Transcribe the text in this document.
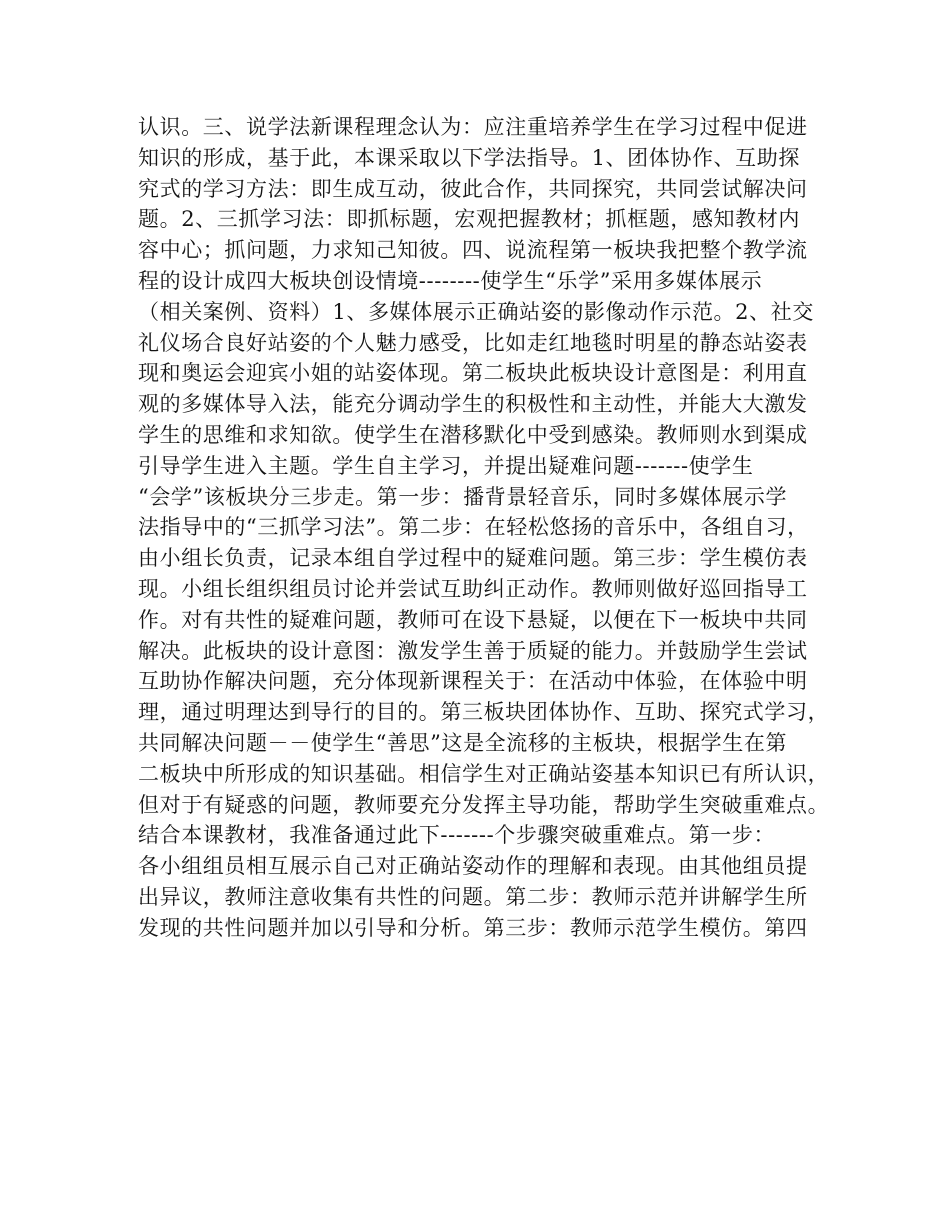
认识。三、说学法新课程理念认为：应注重培养学生在学习过程中促进
知识的形成，基于此，本课采取以下学法指导。1、团体协作、互助探
究式的学习方法：即生成互动，彼此合作，共同探究，共同尝试解决问
题。2、三抓学习法：即抓标题，宏观把握教材；抓框题，感知教材内
容中心；抓问题，力求知己知彼。四、说流程第一板块我把整个教学流
程的设计成四大板块创设情境--------使学生“乐学”采用多媒体展示
（相关案例、资料）1、多媒体展示正确站姿的影像动作示范。2、社交
礼仪场合良好站姿的个人魅力感受，比如走红地毯时明星的静态站姿表
现和奥运会迎宾小姐的站姿体现。第二板块此板块设计意图是：利用直
观的多媒体导入法，能充分调动学生的积极性和主动性，并能大大激发
学生的思维和求知欲。使学生在潜移默化中受到感染。教师则水到渠成
引导学生进入主题。学生自主学习，并提出疑难问题-------使学生
“会学”该板块分三步走。第一步：播背景轻音乐，同时多媒体展示学
法指导中的“三抓学习法”。第二步：在轻松悠扬的音乐中，各组自习，
由小组长负责，记录本组自学过程中的疑难问题。第三步：学生模仿表
现。小组长组织组员讨论并尝试互助纠正动作。教师则做好巡回指导工
作。对有共性的疑难问题，教师可在设下悬疑，以便在下一板块中共同
解决。此板块的设计意图：激发学生善于质疑的能力。并鼓励学生尝试
互助协作解决问题，充分体现新课程关于：在活动中体验，在体验中明
理，通过明理达到导行的目的。第三板块团体协作、互助、探究式学习，
共同解决问题－－使学生“善思”这是全流移的主板块，根据学生在第
二板块中所形成的知识基础。相信学生对正确站姿基本知识已有所认识，
但对于有疑惑的问题，教师要充分发挥主导功能，帮助学生突破重难点。
结合本课教材，我准备通过此下-------个步骤突破重难点。第一步：
各小组组员相互展示自己对正确站姿动作的理解和表现。由其他组员提
出异议，教师注意收集有共性的问题。第二步：教师示范并讲解学生所
发现的共性问题并加以引导和分析。第三步：教师示范学生模仿。第四
